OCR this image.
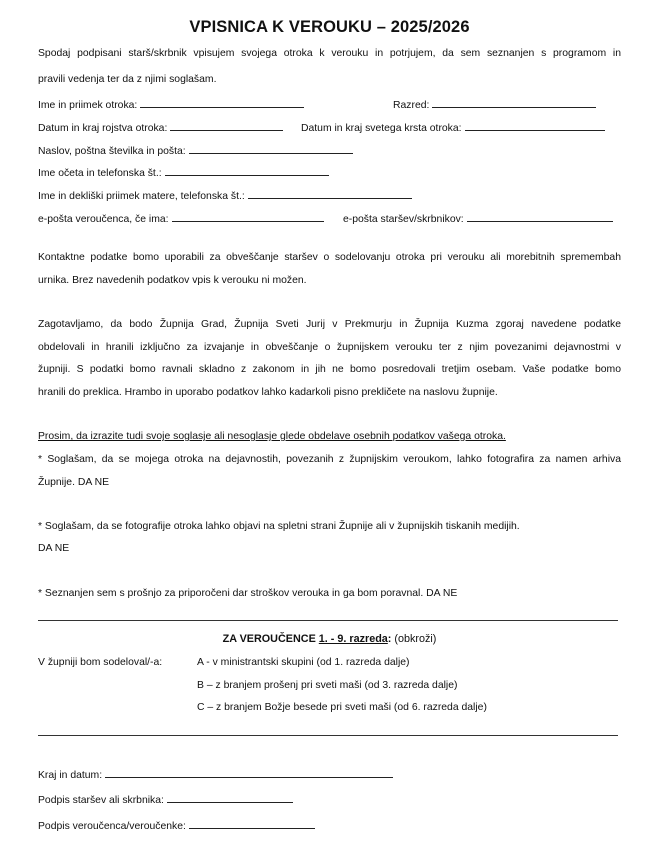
VPISNICA K VEROUKU – 2025/2026
Spodaj podpisani starš/skrbnik vpisujem svojega otroka k verouku in potrjujem, da sem seznanjen s programom in
pravili vedenja ter da z njimi soglašam.
Ime in priimek otroka:	Razred:
Datum in kraj rojstva otroka:	Datum in kraj svetega krsta otroka:
Naslov, poštna številka in pošta:
Ime očeta in telefonska št.:
Ime in dekliški priimek matere, telefonska št.:
e-pošta veroučenca, če ima:	e-pošta staršev/skrbnikov:
Kontaktne podatke bomo uporabili za obveščanje staršev o sodelovanju otroka pri verouku ali morebitnih spremembah
urnika. Brez navedenih podatkov vpis k verouku ni možen.
Zagotavljamo, da bodo Župnija Grad, Župnija Sveti Jurij v Prekmurju in Župnija Kuzma zgoraj navedene podatke
obdelovali in hranili izključno za izvajanje in obveščanje o župnijskem verouku ter z njim povezanimi dejavnostmi v
župniji. S podatki bomo ravnali skladno z zakonom in jih ne bomo posredovali tretjim osebam. Vaše podatke bomo
hranili do preklica. Hrambo in uporabo podatkov lahko kadarkoli pisno prekličete na naslovu župnije.
Prosim, da izrazite tudi svoje soglasje ali nesoglasje glede obdelave osebnih podatkov vašega otroka.
* Soglašam, da se mojega otroka na dejavnostih, povezanih z župnijskim veroukom, lahko fotografira za namen arhiva
Župnije. DA NE
* Soglašam, da se fotografije otroka lahko objavi na spletni strani Župnije ali v župnijskih tiskanih medijih.
DA NE
* Seznanjen sem s prošnjo za priporočeni dar stroškov verouka in ga bom poravnal. DA NE
ZA VEROUČENCE 1. - 9. razreda: (obkroži)
V župniji bom sodeloval/-a:	A - v ministrantski skupini (od 1. razreda dalje)
B – z branjem prošenj pri sveti maši (od 3. razreda dalje)
C – z branjem Božje besede pri sveti maši (od 6. razreda dalje)
Kraj in datum:
Podpis staršev ali skrbnika:
Podpis veroučenca/veroučenke:
